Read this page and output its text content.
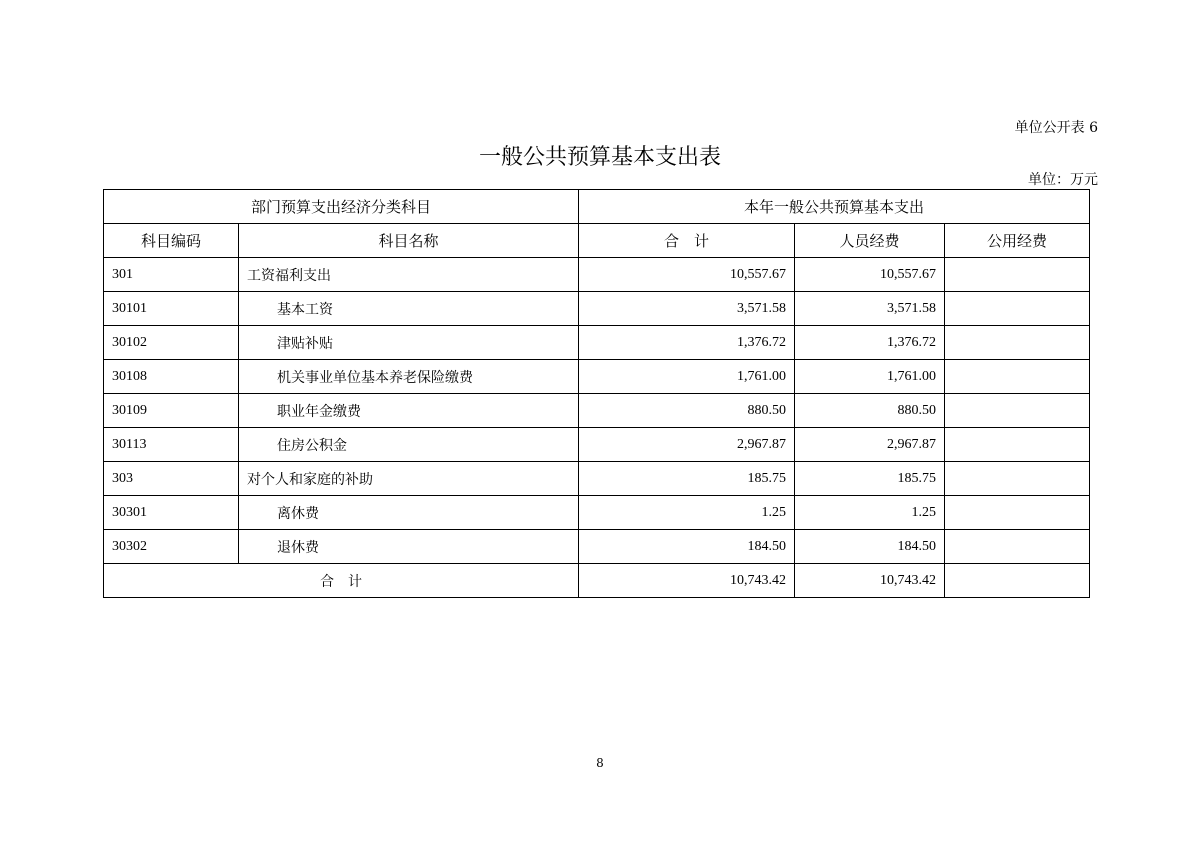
单位公开表 6
一般公共预算基本支出表
单位：万元
部门预算支出经济分类科目		本年一般公共预算基本支出		
科目编码	科目名称	合　计	人员经费	公用经费
301	工资福利支出	10,557.67	10,557.67	
30101	基本工资	3,571.58	3,571.58	
30102	津贴补贴	1,376.72	1,376.72	
30108	机关事业单位基本养老保险缴费	1,761.00	1,761.00	
30109	职业年金缴费	880.50	880.50	
30113	住房公积金	2,967.87	2,967.87	
303	对个人和家庭的补助	185.75	185.75	
30301	离休费	1.25	1.25	
30302	退休费	184.50	184.50	
合　计		10,743.42	10,743.42	
8
